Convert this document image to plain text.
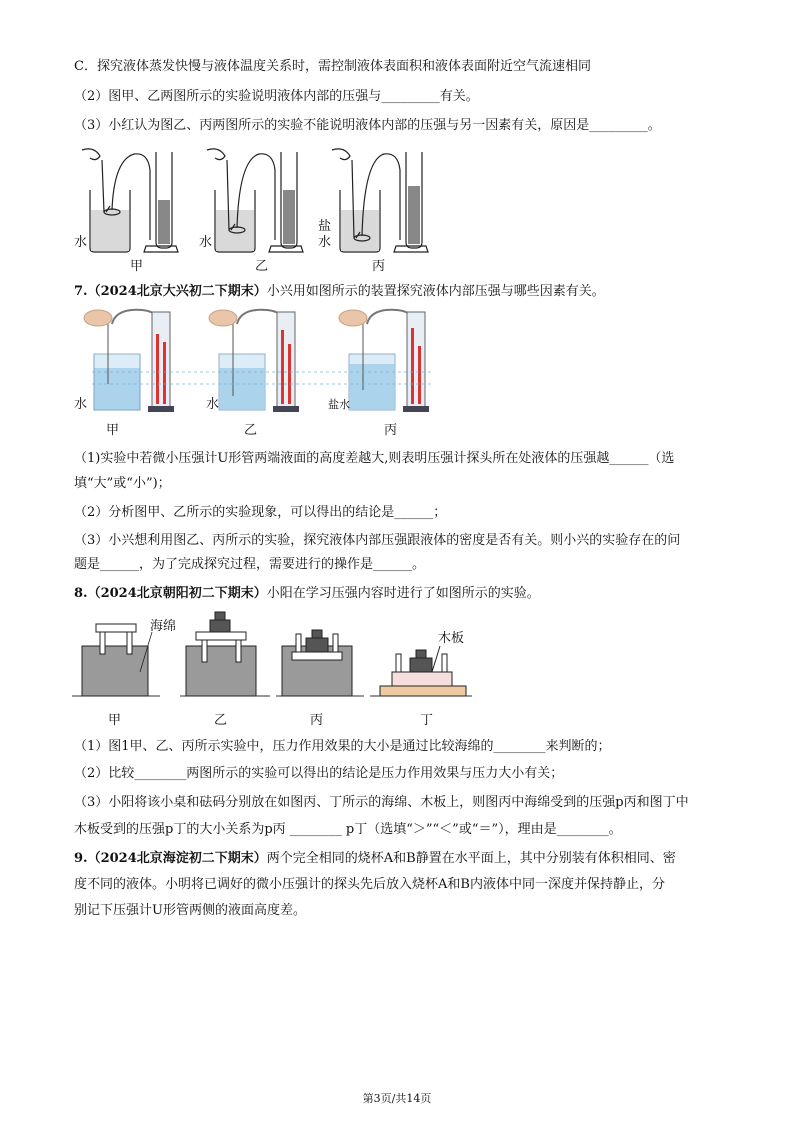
C．探究液体蒸发快慢与液体温度关系时，需控制液体表面积和液体表面附近空气流速相同
（2）图甲、乙两图所示的实验说明液体内部的压强与_________有关。
（3）小红认为图乙、丙两图所示的实验不能说明液体内部的压强与另一因素有关，原因是_________。
水	水
盐
水
甲	乙	丙
7.（2024北京大兴初二下期末）小兴用如图所示的装置探究液体内部压强与哪些因素有关。
水	水	盐水
甲	乙	丙
（1)实验中若微小压强计U形管两端液面的高度差越大,则表明压强计探头所在处液体的压强越______（选
填“大”或“小”)；
（2）分析图甲、乙所示的实验现象，可以得出的结论是______；
（3）小兴想利用图乙、丙所示的实验，探究液体内部压强跟液体的密度是否有关。则小兴的实验存在的问
题是______，为了完成探究过程，需要进行的操作是______。
8.（2024北京朝阳初二下期末）小阳在学习压强内容时进行了如图所示的实验。
海绵
木板
甲	乙	丙	丁
（1）图1甲、乙、丙所示实验中，压力作用效果的大小是通过比较海绵的________来判断的；
（2）比较________两图所示的实验可以得出的结论是压力作用效果与压力大小有关；
（3）小阳将该小桌和砝码分别放在如图丙、丁所示的海绵、木板上，则图丙中海绵受到的压强p丙和图丁中
木板受到的压强p丁的大小关系为p丙 ________ p丁（选填“＞”“＜”或“＝”），理由是________。
9.（2024北京海淀初二下期末）两个完全相同的烧杯A和B静置在水平面上，其中分别装有体积相同、密
度不同的液体。小明将已调好的微小压强计的探头先后放入烧杯A和B内液体中同一深度并保持静止，分
别记下压强计U形管两侧的液面高度差。
第3页/共14页
